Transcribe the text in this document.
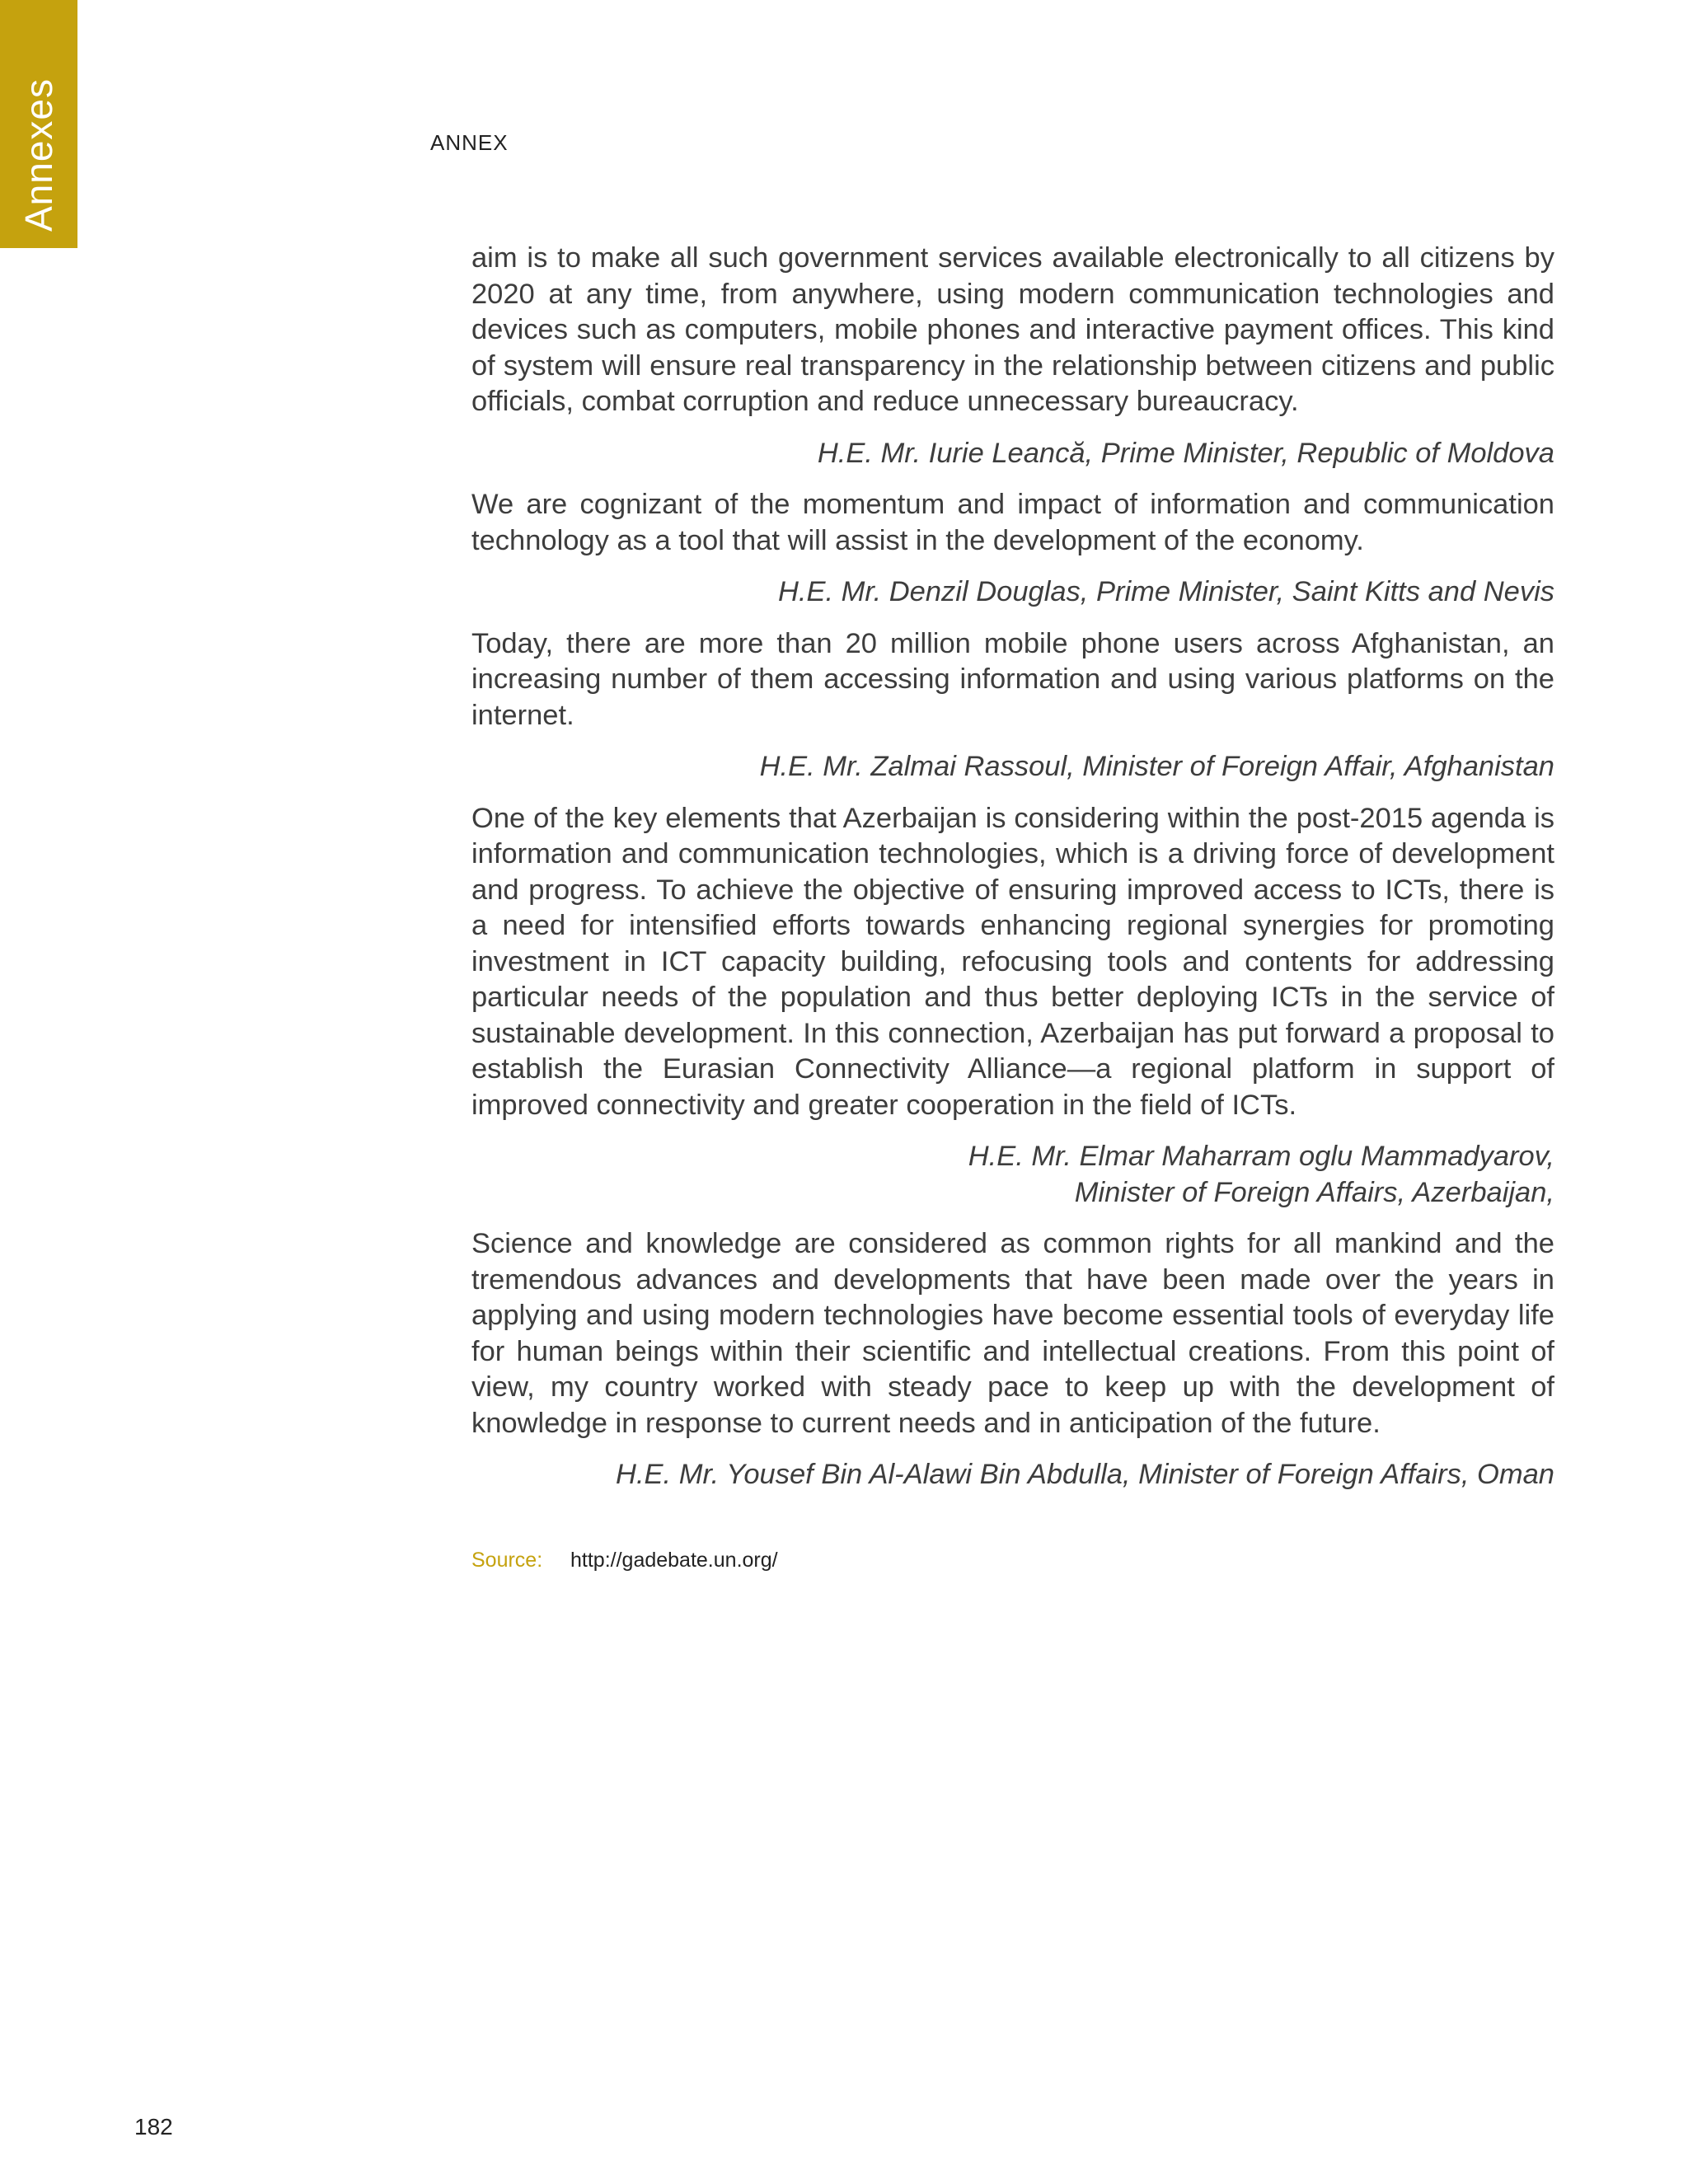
Annexes	ANNEX

aim is to make all such government services available electronically to all citizens by 2020 at any time, from anywhere, using modern communication technologies and devices such as computers, mobile phones and interactive payment offices. This kind of system will ensure real transparency in the relationship between citizens and public officials, combat corruption and reduce unnecessary bureaucracy.

H.E. Mr. Iurie Leancă, Prime Minister, Republic of Moldova

We are cognizant of the momentum and impact of information and communication technology as a tool that will assist in the development of the economy.

H.E. Mr. Denzil Douglas, Prime Minister, Saint Kitts and Nevis

Today, there are more than 20 million mobile phone users across Afghanistan, an increasing number of them accessing information and using various platforms on the internet.

H.E. Mr. Zalmai Rassoul, Minister of Foreign Affair, Afghanistan

One of the key elements that Azerbaijan is considering within the post-2015 agenda is information and communication technologies, which is a driving force of development and progress. To achieve the objective of ensuring improved access to ICTs, there is a need for intensified efforts towards enhancing regional synergies for promoting investment in ICT capacity building, refocusing tools and contents for addressing particular needs of the population and thus better deploying ICTs in the service of sustainable development. In this connection, Azerbaijan has put forward a proposal to establish the Eurasian Connectivity Alliance—a regional platform in support of improved connectivity and greater cooperation in the field of ICTs.

H.E. Mr. Elmar Maharram oglu Mammadyarov,
Minister of Foreign Affairs, Azerbaijan,

Science and knowledge are considered as common rights for all mankind and the tremendous advances and developments that have been made over the years in applying and using modern technologies have become essential tools of everyday life for human beings within their scientific and intellectual creations. From this point of view, my country worked with steady pace to keep up with the development of knowledge in response to current needs and in anticipation of the future.

H.E. Mr. Yousef Bin Al-Alawi Bin Abdulla, Minister of Foreign Affairs, Oman

Source: http://gadebate.un.org/
182
